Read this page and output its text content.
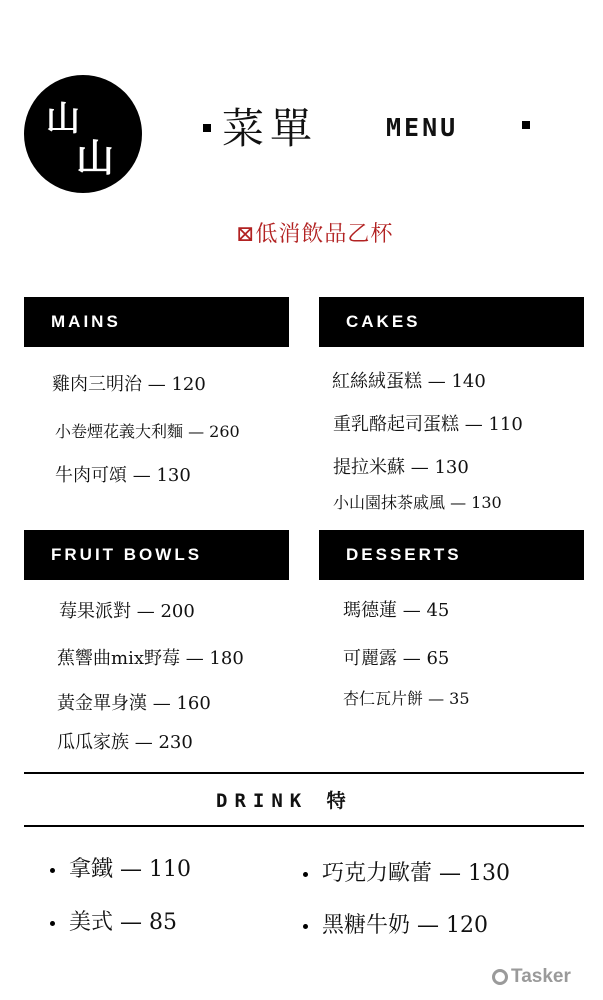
山
山
菜單	MENU
⊠低消飲品乙杯
MAINS
雞肉三明治 — 120
小卷煙花義大利麵 — 260
牛肉可頌 — 130
CAKES
紅絲絨蛋糕 — 140
重乳酪起司蛋糕 — 110
提拉米蘇 — 130
小山園抹茶戚風 — 130
FRUIT BOWLS
莓果派對 — 200
蕉響曲mix野莓 — 180
黃金單身漢 — 160
瓜瓜家族 — 230
DESSERTS
瑪德蓮 — 45
可麗露 — 65
杏仁瓦片餅 — 35
DRINK 特
拿鐵 — 110
美式 — 85
巧克力歐蕾 — 130
黑糖牛奶 — 120
Tasker
